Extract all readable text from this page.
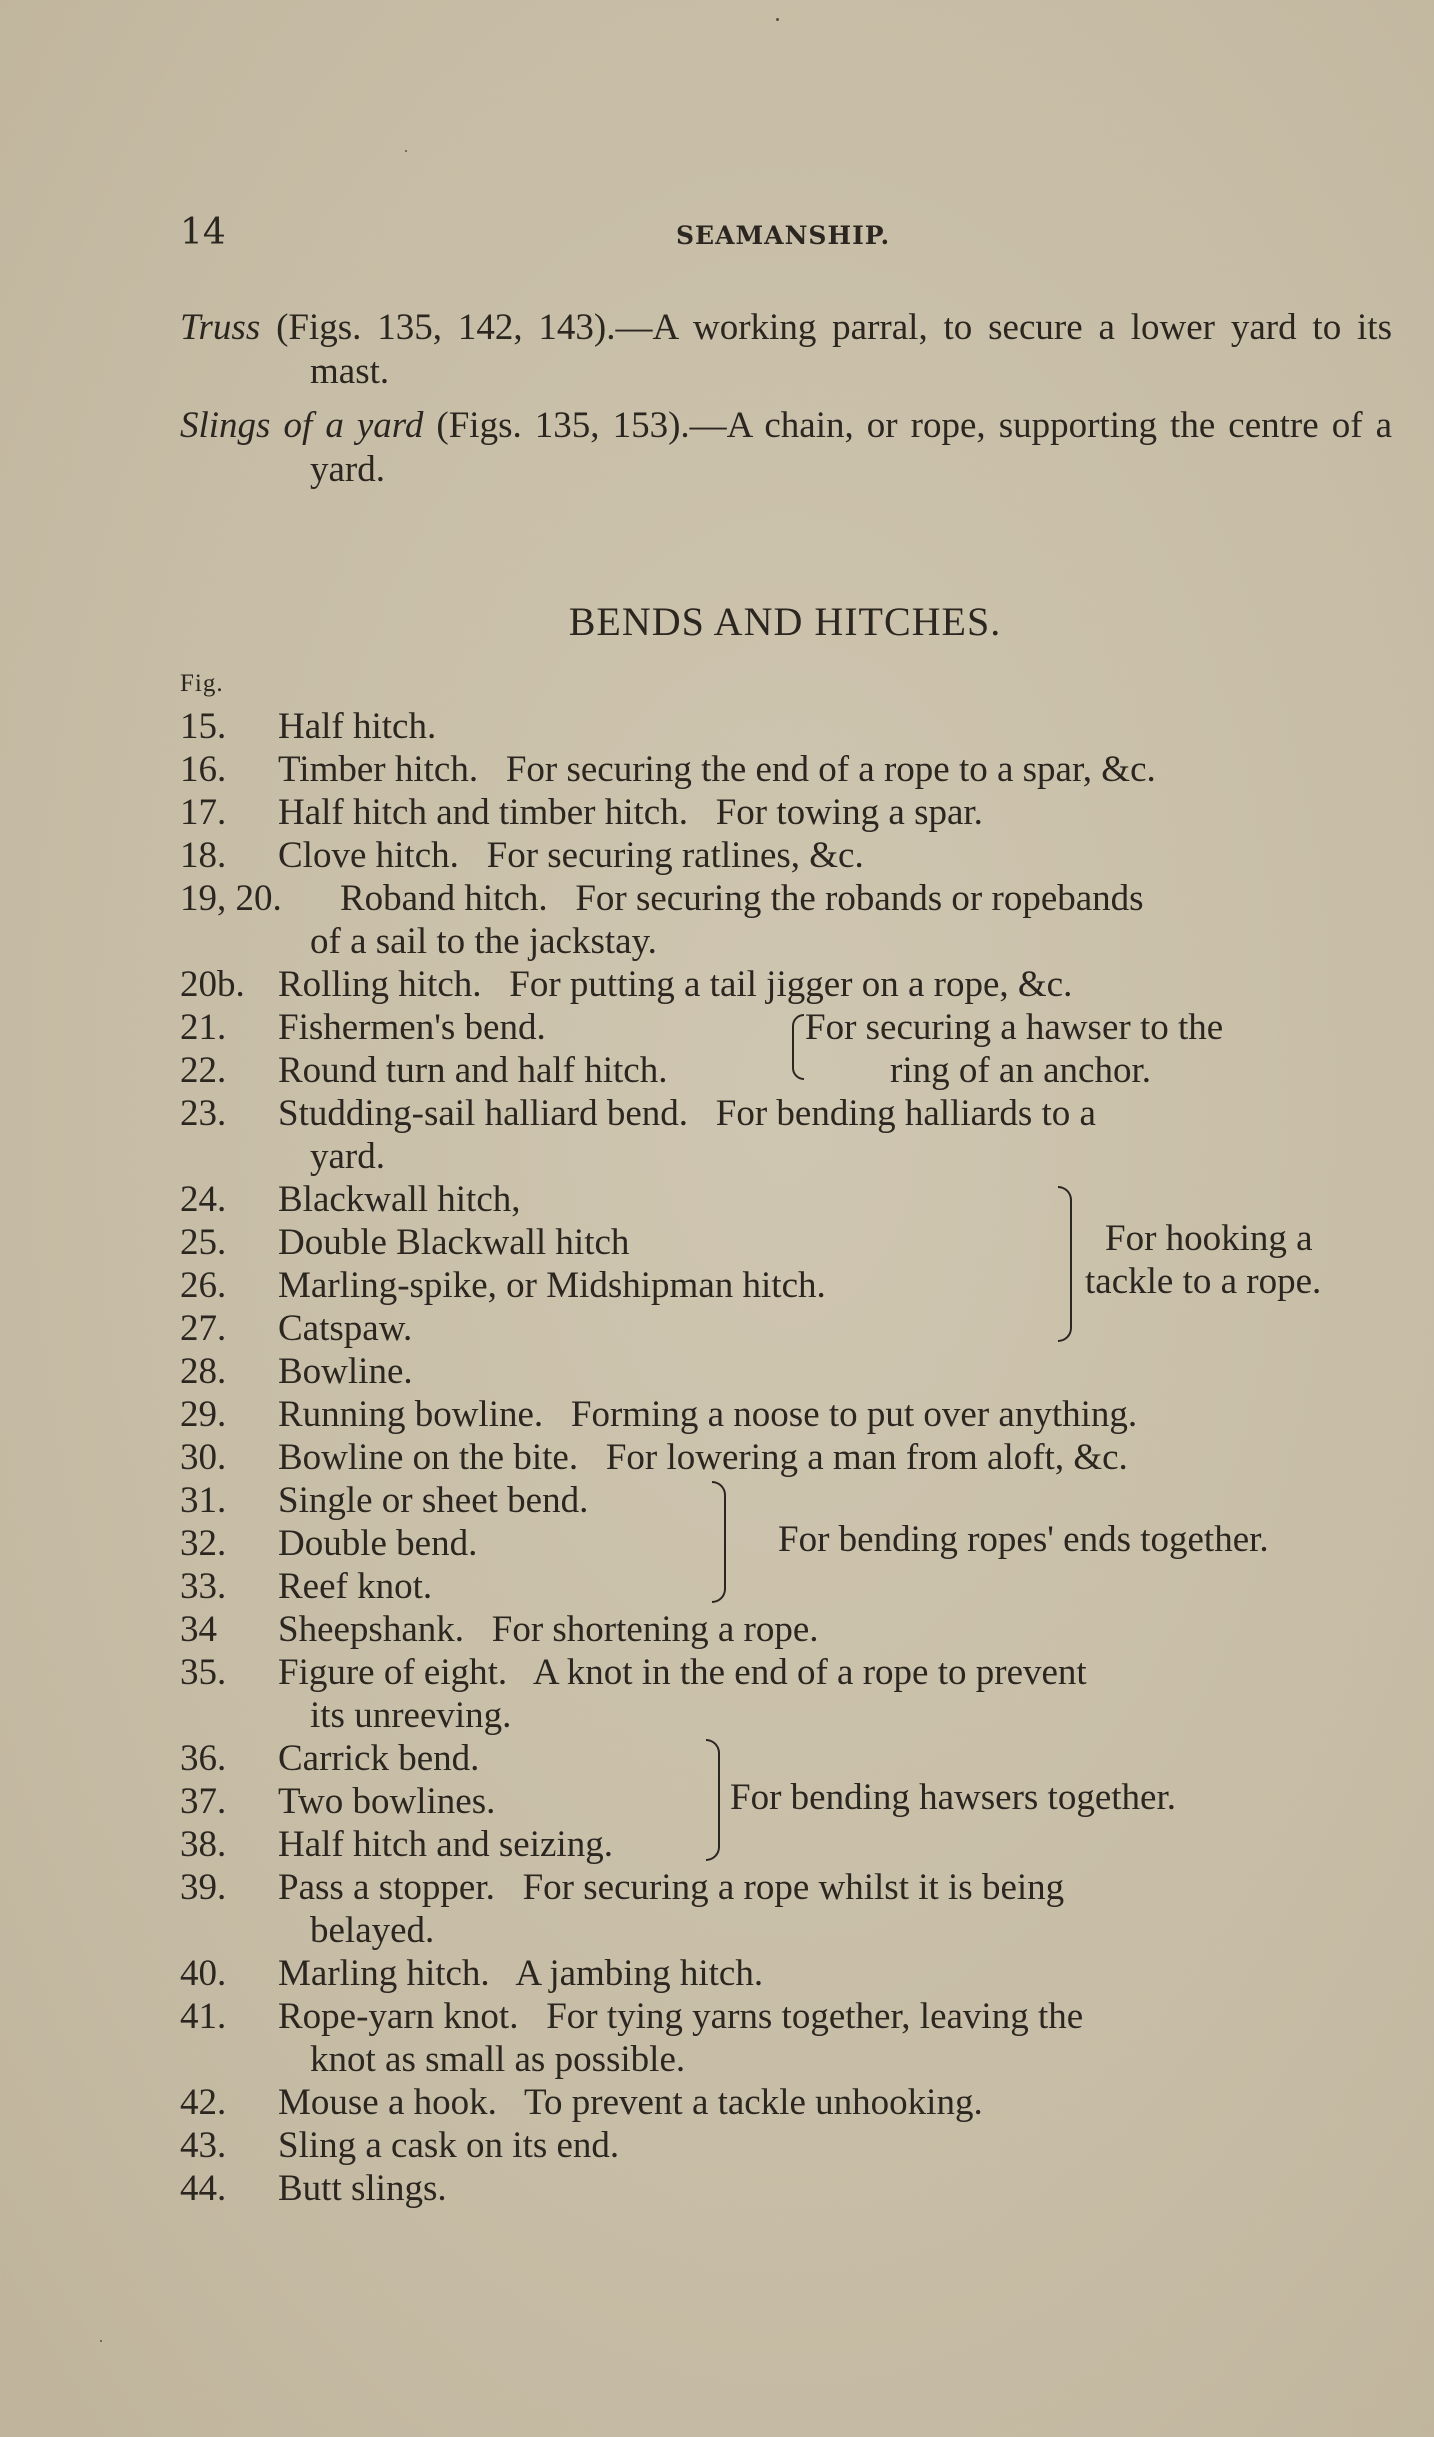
14	SEAMANSHIP.

Truss (Figs. 135, 142, 143).—A working parral, to secure a lower yard to its mast.

Slings of a yard (Figs. 135, 153).—A chain, or rope, supporting the centre of a yard.

BENDS AND HITCHES.
Fig.
15. Half hitch.
16. Timber hitch.   For securing the end of a rope to a spar, &c.
17. Half hitch and timber hitch.   For towing a spar.
18. Clove hitch.   For securing ratlines, &c.
19, 20. Roband hitch.   For securing the robands or ropebands
of a sail to the jackstay.
20b. Rolling hitch.   For putting a tail jigger on a rope, &c.
21. Fishermen's bend.
22. Round turn and half hitch.
23. Studding-sail halliard bend.   For bending halliards to a
yard.
24. Blackwall hitch,
25. Double Blackwall hitch
26. Marling-spike, or Midshipman hitch.
27. Catspaw.
28. Bowline.
29. Running bowline.   Forming a noose to put over anything.
30. Bowline on the bite.   For lowering a man from aloft, &c.
31. Single or sheet bend.
32. Double bend.
33. Reef knot.
34 Sheepshank.   For shortening a rope.
35. Figure of eight.   A knot in the end of a rope to prevent
its unreeving.
36. Carrick bend.
37. Two bowlines.
38. Half hitch and seizing.
39. Pass a stopper.   For securing a rope whilst it is being
belayed.
40. Marling hitch.   A jambing hitch.
41. Rope-yarn knot.   For tying yarns together, leaving the
knot as small as possible.
42. Mouse a hook.   To prevent a tackle unhooking.
43. Sling a cask on its end.
44. Butt slings.
For securing a hawser to the
ring of an anchor.
For hooking a
tackle to a rope.
For bending ropes' ends together.
For bending hawsers together.
